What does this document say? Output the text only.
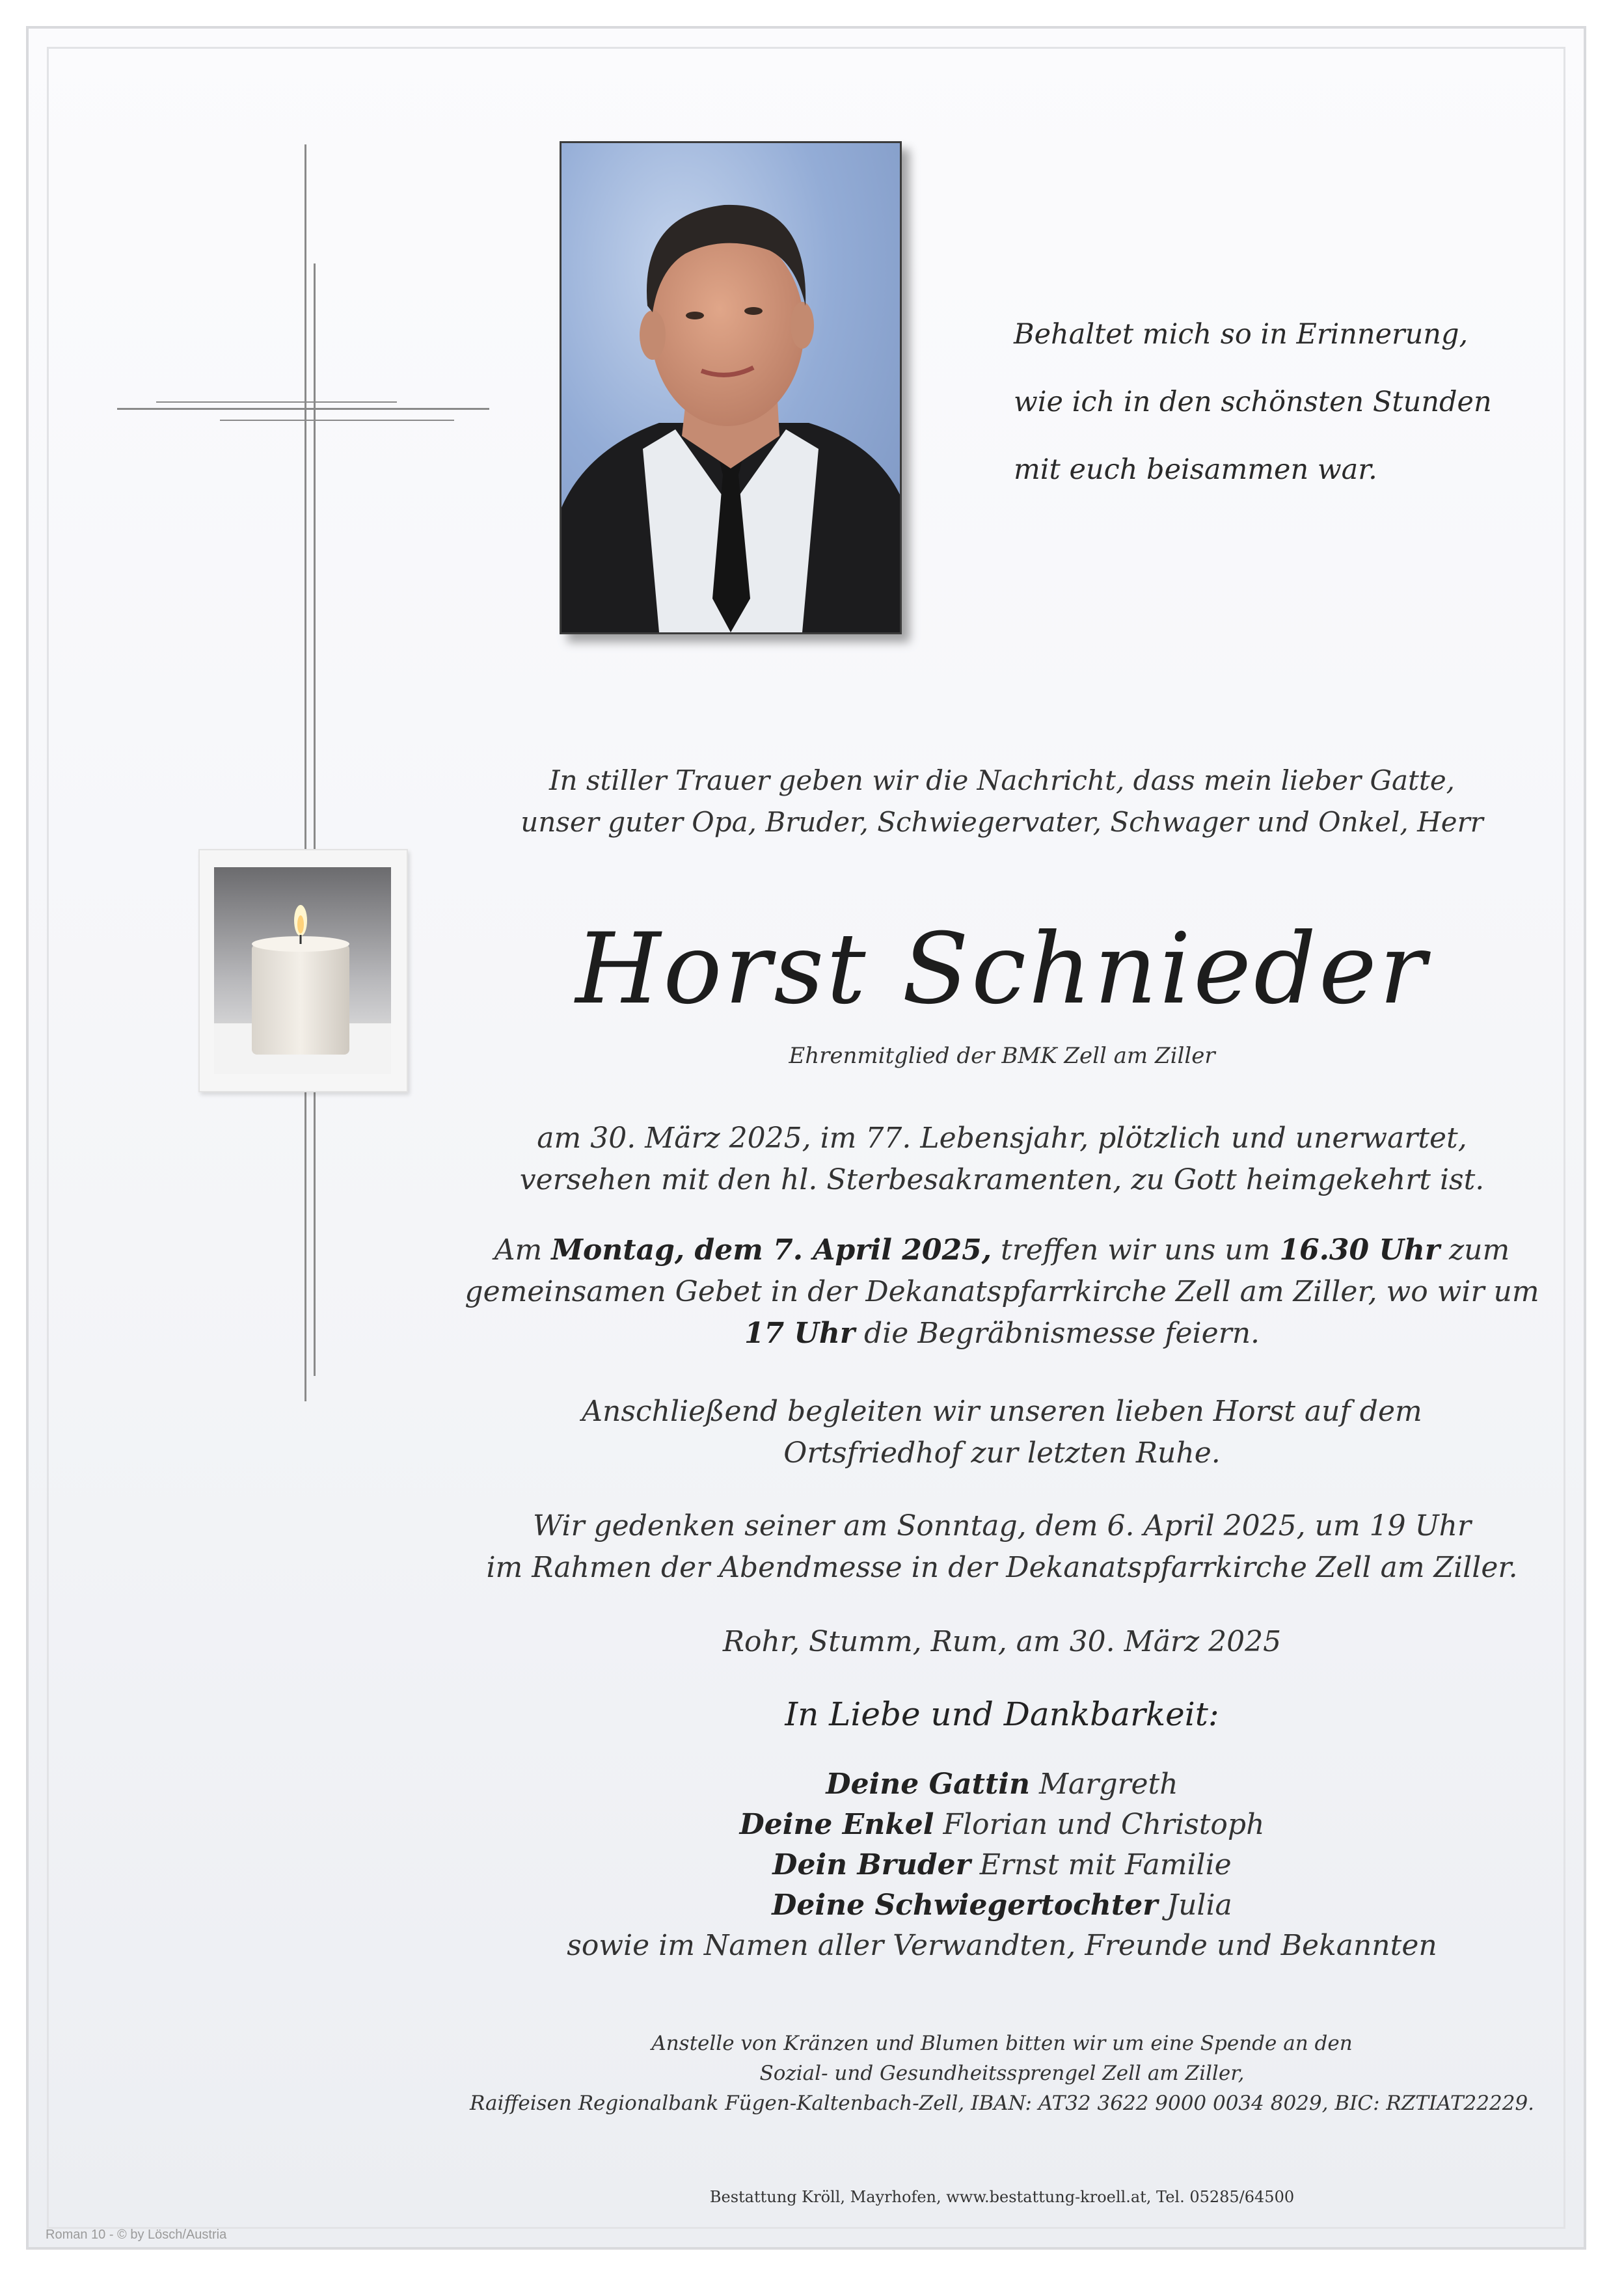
Behaltet mich so in Erinnerung,
wie ich in den schönsten Stunden
mit euch beisammen war.
In stiller Trauer geben wir die Nachricht, dass mein lieber Gatte,
unser guter Opa, Bruder, Schwiegervater, Schwager und Onkel, Herr
Horst Schnieder
Ehrenmitglied der BMK Zell am Ziller
am 30. März 2025, im 77. Lebensjahr, plötzlich und unerwartet,
versehen mit den hl. Sterbesakramenten, zu Gott heimgekehrt ist.
Am Montag, dem 7. April 2025, treffen wir uns um 16.30 Uhr zum
gemeinsamen Gebet in der Dekanatspfarrkirche Zell am Ziller, wo wir um
17 Uhr die Begräbnismesse feiern.
Anschließend begleiten wir unseren lieben Horst auf dem
Ortsfriedhof zur letzten Ruhe.
Wir gedenken seiner am Sonntag, dem 6. April 2025, um 19 Uhr
im Rahmen der Abendmesse in der Dekanatspfarrkirche Zell am Ziller.
Rohr, Stumm, Rum, am 30. März 2025
In Liebe und Dankbarkeit:
Deine Gattin Margreth
Deine Enkel Florian und Christoph
Dein Bruder Ernst mit Familie
Deine Schwiegertochter Julia
sowie im Namen aller Verwandten, Freunde und Bekannten
Anstelle von Kränzen und Blumen bitten wir um eine Spende an den
Sozial- und Gesundheitssprengel Zell am Ziller,
Raiffeisen Regionalbank Fügen-Kaltenbach-Zell, IBAN: AT32 3622 9000 0034 8029, BIC: RZTIAT22229.
Bestattung Kröll, Mayrhofen, www.bestattung-kroell.at, Tel. 05285/64500
Roman 10 - © by Lösch/Austria
